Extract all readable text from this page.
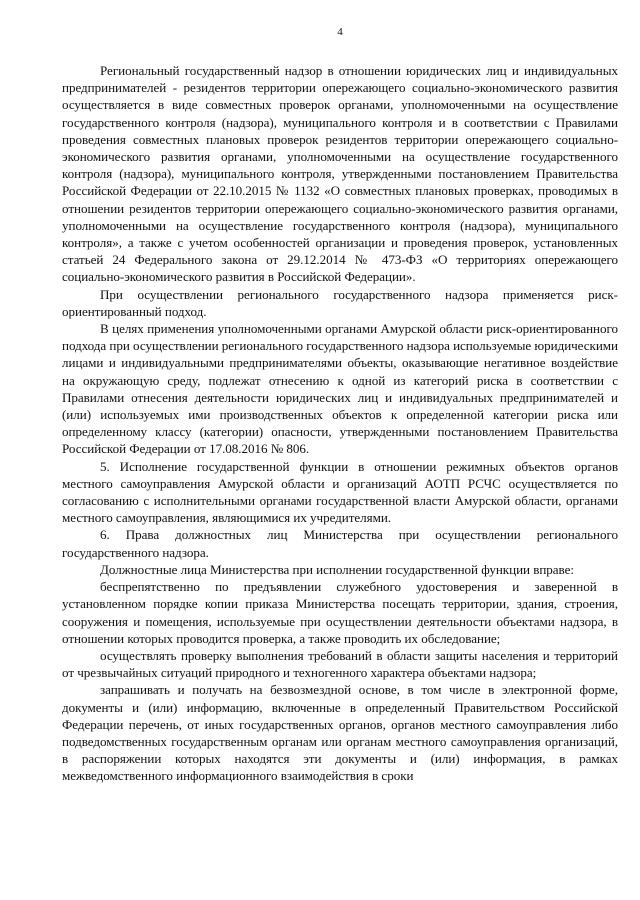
4

Региональный государственный надзор в отношении юридических лиц и индивидуальных предпринимателей - резидентов территории опережающего социально-экономического развития осуществляется в виде совместных проверок органами, уполномоченными на осуществление государственного контроля (надзора), муниципального контроля и в соответствии с Правилами проведения совместных плановых проверок резидентов территории опережающего социально-экономического развития органами, уполномоченными на осуществление государственного контроля (надзора), муниципального контроля, утвержденными постановлением Правительства Российской Федерации от 22.10.2015 № 1132 «О совместных плановых проверках, проводимых в отношении резидентов территории опережающего социально-экономического развития органами, уполномоченными на осуществление государственного контроля (надзора), муниципального контроля», а также с учетом особенностей организации и проведения проверок, установленных статьей 24 Федерального закона от 29.12.2014 № 473-ФЗ «О территориях опережающего социально-экономического развития в Российской Федерации».

При осуществлении регионального государственного надзора применяется риск-ориентированный подход.

В целях применения уполномоченными органами Амурской области риск-ориентированного подхода при осуществлении регионального государственного надзора используемые юридическими лицами и индивидуальными предпринимателями объекты, оказывающие негативное воздействие на окружающую среду, подлежат отнесению к одной из категорий риска в соответствии с Правилами отнесения деятельности юридических лиц и индивидуальных предпринимателей и (или) используемых ими производственных объектов к определенной категории риска или определенному классу (категории) опасности, утвержденными постановлением Правительства Российской Федерации от 17.08.2016 № 806.

5. Исполнение государственной функции в отношении режимных объектов органов местного самоуправления Амурской области и организаций АОТП РСЧС осуществляется по согласованию с исполнительными органами государственной власти Амурской области, органами местного самоуправления, являющимися их учредителями.

6. Права должностных лиц Министерства при осуществлении регионального государственного надзора.

Должностные лица Министерства при исполнении государственной функции вправе:

беспрепятственно по предъявлении служебного удостоверения и заверенной в установленном порядке копии приказа Министерства посещать территории, здания, строения, сооружения и помещения, используемые при осуществлении деятельности объектами надзора, в отношении которых проводится проверка, а также проводить их обследование;

осуществлять проверку выполнения требований в области защиты населения и территорий от чрезвычайных ситуаций природного и техногенного характера объектами надзора;

запрашивать и получать на безвозмездной основе, в том числе в электронной форме, документы и (или) информацию, включенные в определенный Правительством Российской Федерации перечень, от иных государственных органов, органов местного самоуправления либо подведомственных государственным органам или органам местного самоуправления организаций, в распоряжении которых находятся эти документы и (или) информация, в рамках межведомственного информационного взаимодействия в сроки
